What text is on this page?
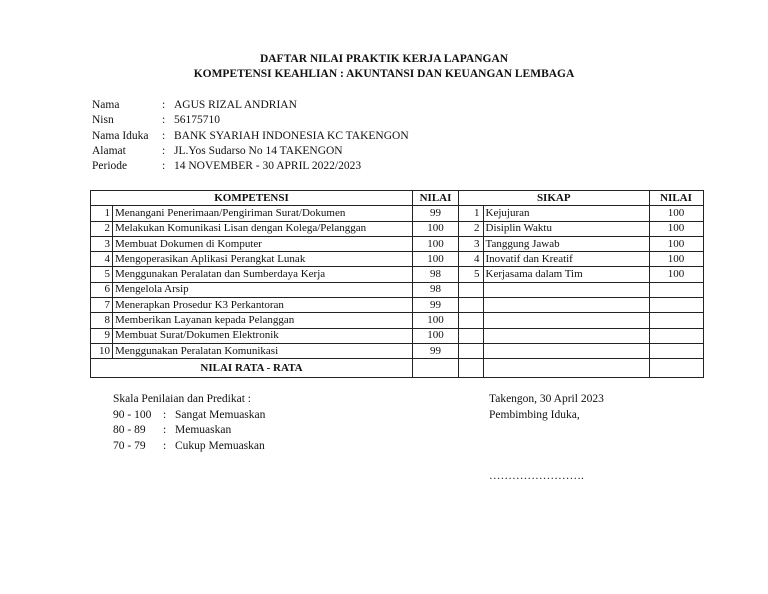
DAFTAR NILAI PRAKTIK KERJA LAPANGAN
KOMPETENSI KEAHLIAN : AKUNTANSI DAN KEUANGAN LEMBAGA
Nama	: AGUS RIZAL ANDRIAN
Nisn	: 56175710
Nama Iduka : BANK SYARIAH INDONESIA KC TAKENGON
Alamat	: JL.Yos Sudarso No 14 TAKENGON
Periode	: 14 NOVEMBER - 30 APRIL 2022/2023
KOMPETENSI		NILAI	SIKAP			NILAI
1	Menangani Penerimaan/Pengiriman Surat/Dokumen	99		1	Kejujuran	100
2	Melakukan Komunikasi Lisan dengan Kolega/Pelanggan	100		2	Disiplin Waktu	100
3	Membuat Dokumen di Komputer	100		3	Tanggung Jawab	100
4	Mengoperasikan Aplikasi Perangkat Lunak	100		4	Inovatif dan Kreatif	100
5	Menggunakan Peralatan dan Sumberdaya Kerja	98		5	Kerjasama dalam Tim	100
6	Mengelola Arsip	98				
7	Menerapkan Prosedur K3 Perkantoran	99				
8	Memberikan Layanan kepada Pelanggan	100				
9	Membuat Surat/Dokumen Elektronik	100				
10	Menggunakan Peralatan Komunikasi	99				
NILAI RATA - RATA						
Skala Penilaian dan Predikat :
90 - 100 : Sangat Memuaskan
80 - 89 : Memuaskan
70 - 79 : Cukup Memuaskan
Takengon, 30 April 2023
Pembimbing Iduka,
…………………….
